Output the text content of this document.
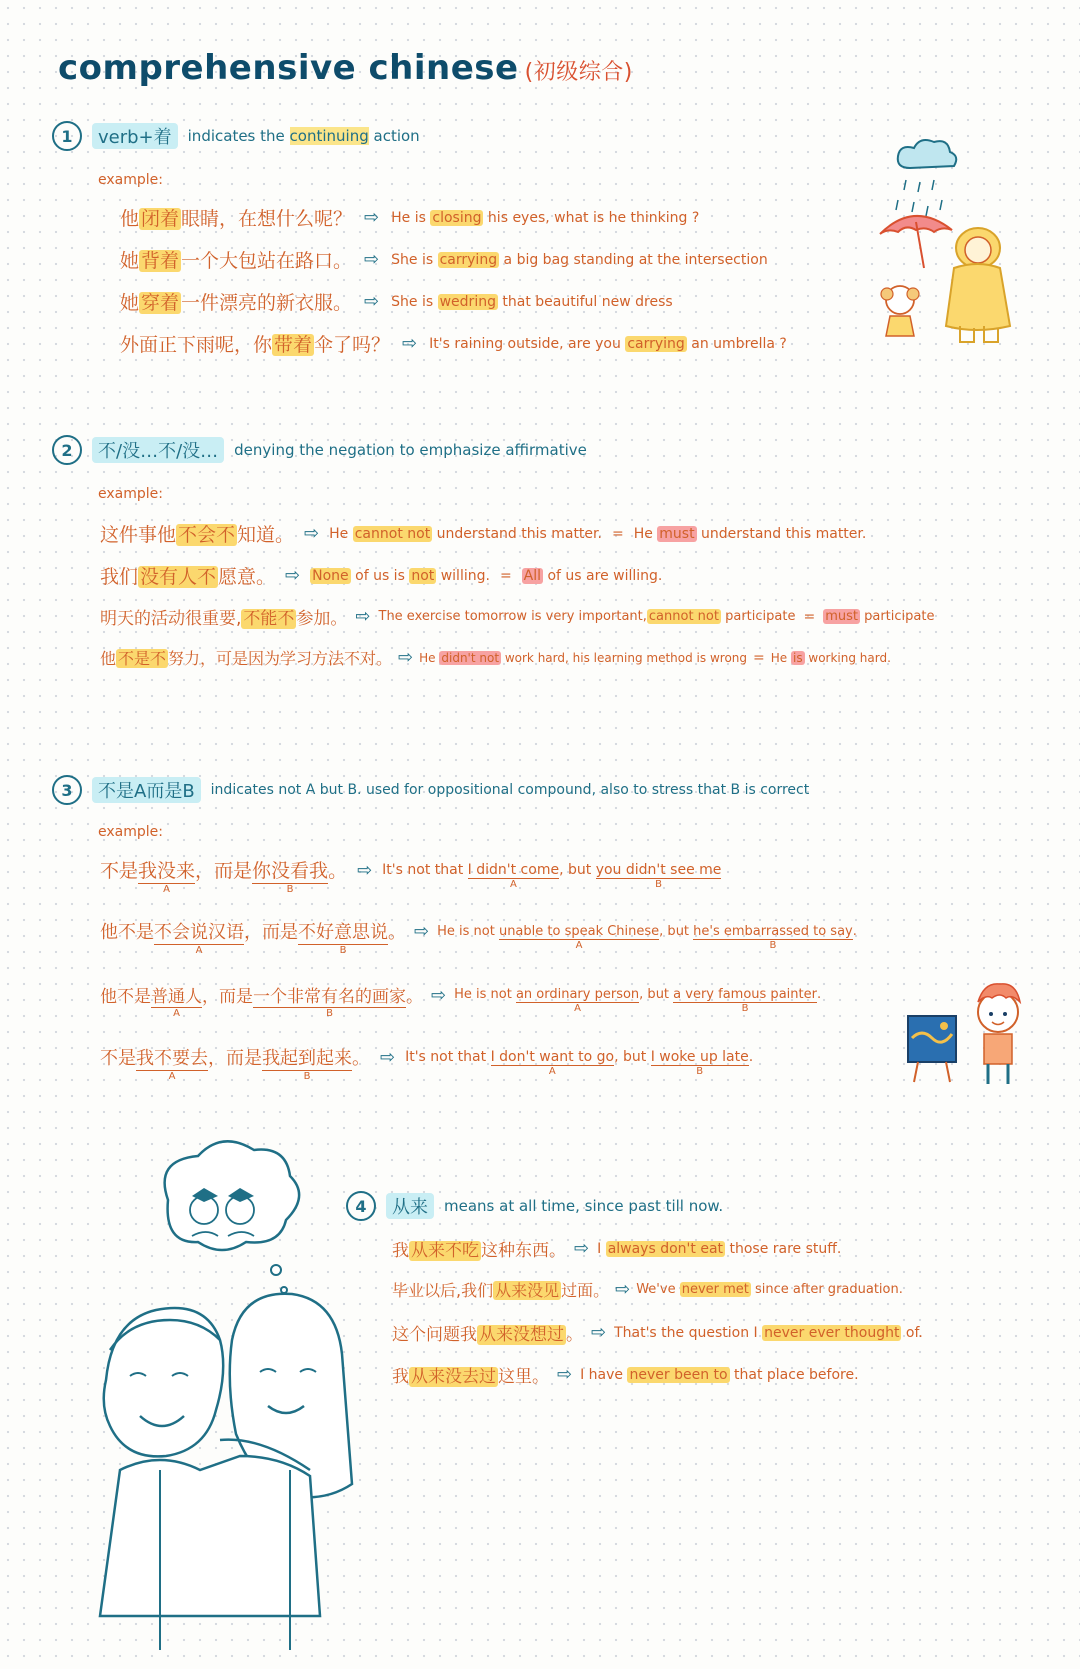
comprehensive chinese (初级综合)
1	verb+着	indicates the continuing action
example:
他 闭着 眼睛，在想什么呢？ ⇨ He is closing his eyes, what is he thinking ?
她 背着 一个大包站在路口。 ⇨ She is carrying a big bag standing at the intersection
她 穿着 一件漂亮的新衣服。 ⇨ She is wedring that beautiful new dress
外面正下雨呢，你 带着 伞了吗？ ⇨ It's raining outside, are you carrying an umbrella ?
2	不/没…不/没…	denying the negation to emphasize affirmative
example:
这件事他 不会不 知道。 ⇨ He cannot not understand this matter. = He must understand this matter.
我们 没有人不 愿意。 ⇨ None of us is not willing. = All of us are willing.
明天的活动很重要, 不能不 参加。 ⇨ The exercise tomorrow is very important, cannot not participate = must participate
他 不是不 努力，可是因为学习方法不对。 ⇨ He didn't not work hard, his learning method is wrong = He is working hard.
3	不是A而是B	indicates not A but B. used for oppositional compound, also to stress that B is correct
example:
不是我没来 A，而是你没看我 B。 ⇨ It's not that I didn't come A, but you didn't see me B
他不是不会说汉语 A，而是不好意思说 B。 ⇨ He is not unable to speak Chinese A, but he's embarrassed to say B.
他不是普通人 A，而是一个非常有名的画家 B。 ⇨ He is not an ordinary person A, but a very famous painter B.
不是我不要去 A，而是我起到起来 B。 ⇨ It's not that I don't want to go A, but I woke up late B.
4	从来	means at all time, since past till now.
我 从来不吃 这种东西。 ⇨ I always don't eat those rare stuff.
毕业以后,我们 从来没见 过面。 ⇨ We've never met since after graduation.
这个问题我 从来没想过 。 ⇨ That's the question I never ever thought of.
我 从来没去过 这里。 ⇨ I have never been to that place before.
